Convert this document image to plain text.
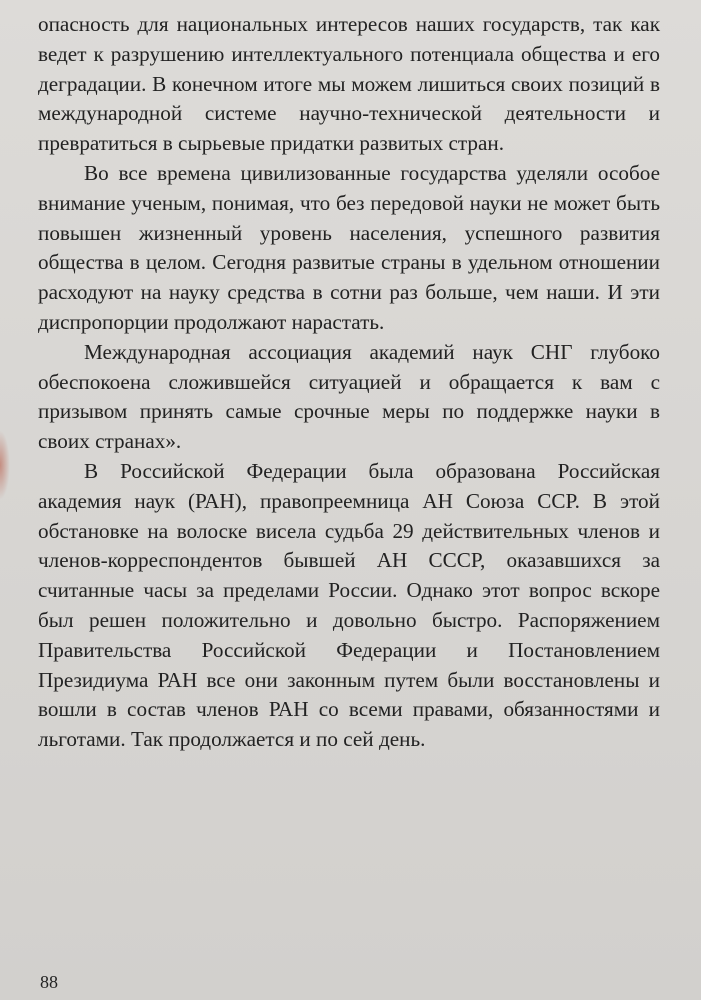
опасность для национальных интересов наших государств, так как ведет к разрушению интеллектуального потенциала общества и его деградации. В конечном итоге мы можем лишиться своих позиций в международной системе научно-технической деятельности и превратиться в сырьевые придатки развитых стран.

Во все времена цивилизованные государства уделяли особое внимание ученым, понимая, что без передовой науки не может быть повышен жизненный уровень населения, успешного развития общества в целом. Сегодня развитые страны в удельном отношении расходуют на науку средства в сотни раз больше, чем наши. И эти диспропорции продолжают нарастать.

Международная ассоциация академий наук СНГ глубоко обеспокоена сложившейся ситуацией и обращается к вам с призывом принять самые срочные меры по поддержке науки в своих странах».

В Российской Федерации была образована Российская академия наук (РАН), правопреемница АН Союза ССР. В этой обстановке на волоске висела судьба 29 действительных членов и членов-корреспондентов бывшей АН СССР, оказавшихся за считанные часы за пределами России. Однако этот вопрос вскоре был решен положительно и довольно быстро. Распоряжением Правительства Российской Федерации и Постановлением Президиума РАН все они законным путем были восстановлены и вошли в состав членов РАН со всеми правами, обязанностями и льготами. Так продолжается и по сей день.

88
